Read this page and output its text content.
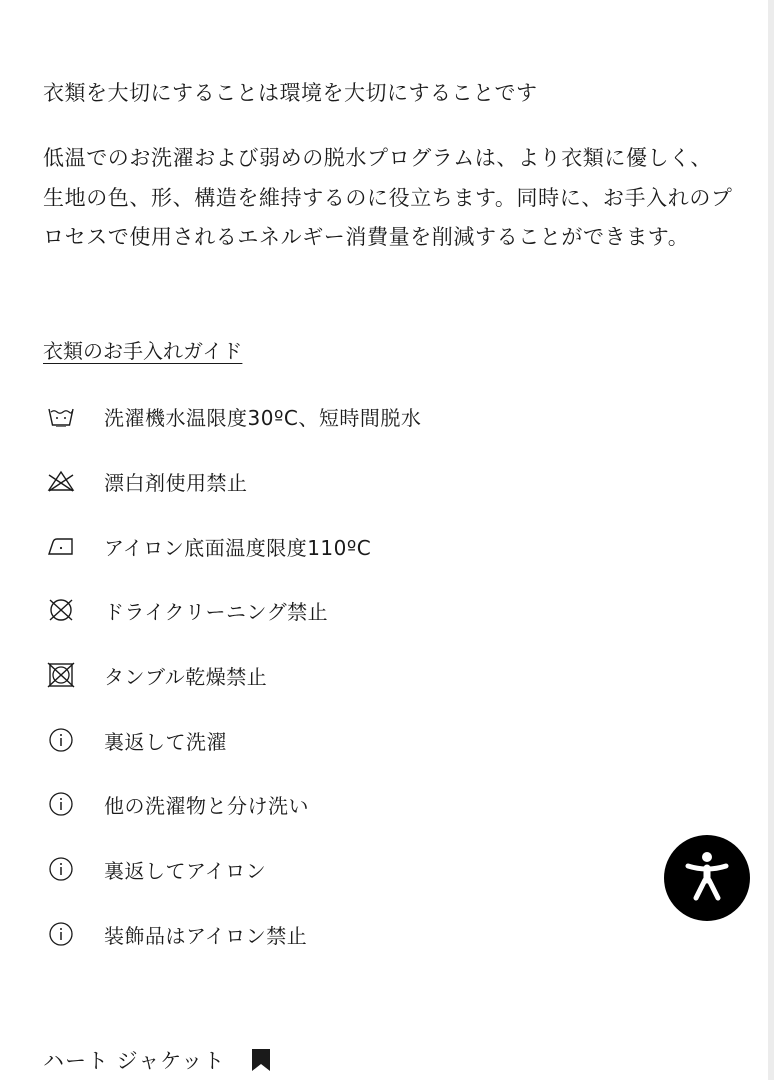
衣類を大切にすることは環境を大切にすることです
低温でのお洗濯および弱めの脱水プログラムは、より衣類に優しく、生地の色、形、構造を維持するのに役立ちます。同時に、お手入れのプロセスで使用されるエネルギー消費量を削減することができます。
衣類のお手入れガイド
洗濯機水温限度30ºC、短時間脱水
漂白剤使用禁止
アイロン底面温度限度110ºC
ドライクリーニング禁止
タンブル乾燥禁止
裏返して洗濯
他の洗濯物と分け洗い
裏返してアイロン
装飾品はアイロン禁止
ハート ジャケット
